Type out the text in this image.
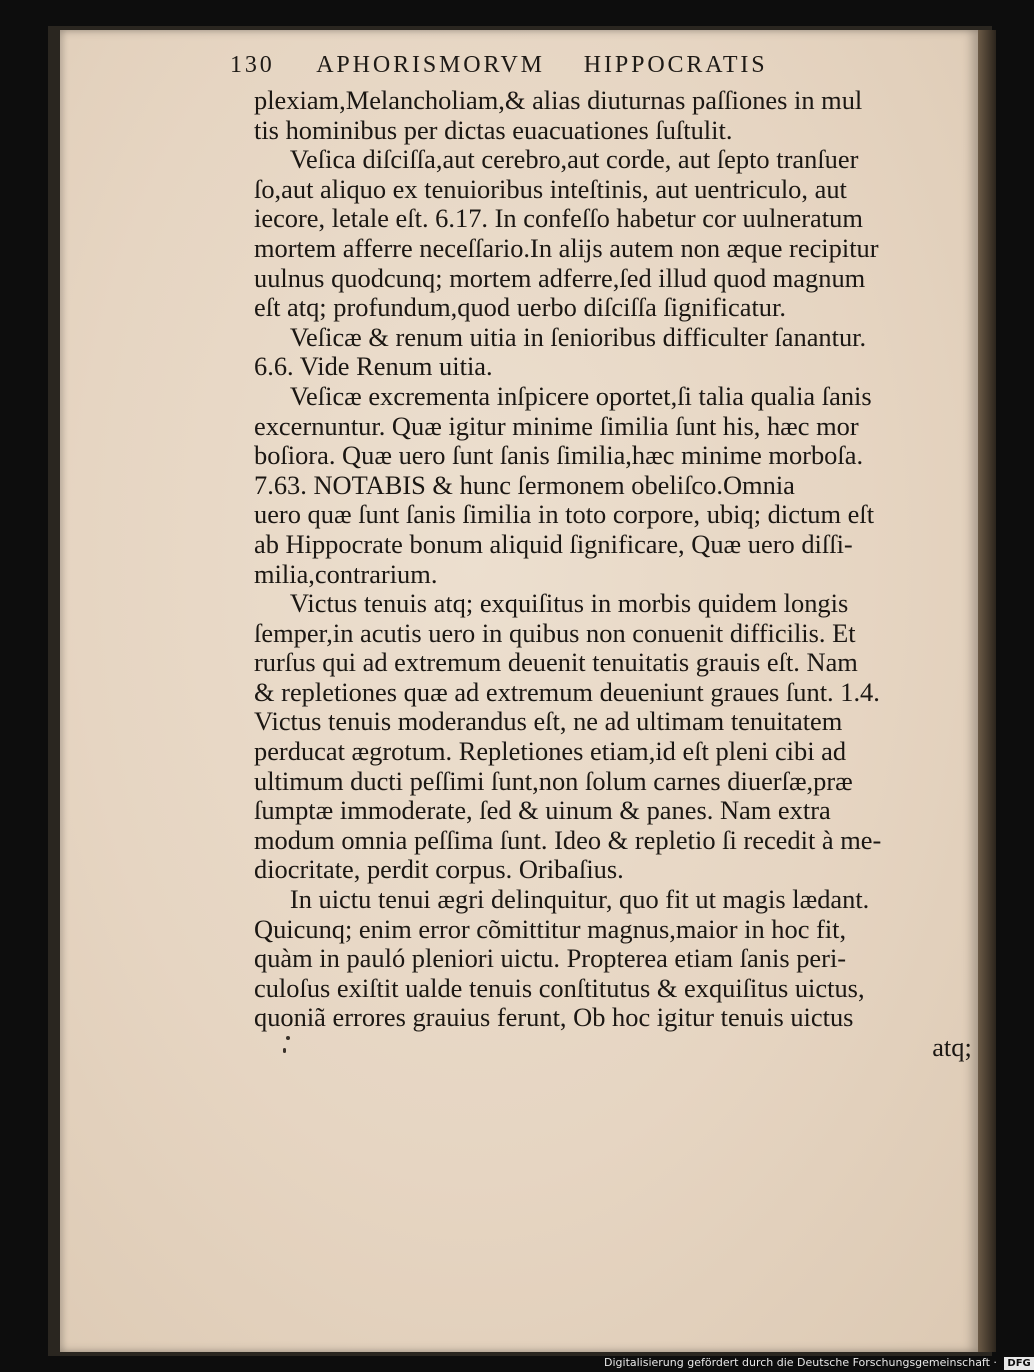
130 APHORISMORVM HIPPOCRATIS
plexiam,Melancholiam,& alias diuturnas paſſiones in mul
tis hominibus per dictas euacuationes ſuſtulit.
Veſica diſciſſa,aut cerebro,aut corde, aut ſepto tranſuer
ſo,aut aliquo ex tenuioribus inteſtinis, aut uentriculo, aut
iecore, letale eſt. 6.17. In confeſſo habetur cor uulneratum
mortem afferre neceſſario.In alijs autem non æque recipitur
uulnus quodcunq; mortem adferre,ſed illud quod magnum
eſt atq; profundum,quod uerbo diſciſſa ſignificatur.
Veſicæ & renum uitia in ſenioribus difficulter ſanantur.
6.6. Vide Renum uitia.
Veſicæ excrementa inſpicere oportet,ſi talia qualia ſanis
excernuntur. Quæ igitur minime ſimilia ſunt his, hæc mor
boſiora. Quæ uero ſunt ſanis ſimilia,hæc minime morboſa.
7.63. NOTABIS & hunc ſermonem obeliſco.Omnia
uero quæ ſunt ſanis ſimilia in toto corpore, ubiq; dictum eſt
ab Hippocrate bonum aliquid ſignificare, Quæ uero diſſi-
milia,contrarium.
Victus tenuis atq; exquiſitus in morbis quidem longis
ſemper,in acutis uero in quibus non conuenit difficilis. Et
rurſus qui ad extremum deuenit tenuitatis grauis eſt. Nam
& repletiones quæ ad extremum deueniunt graues ſunt. 1.4.
Victus tenuis moderandus eſt, ne ad ultimam tenuitatem
perducat ægrotum. Repletiones etiam,id eſt pleni cibi ad
ultimum ducti peſſimi ſunt,non ſolum carnes diuerſæ,præ
ſumptæ immoderate, ſed & uinum & panes. Nam extra
modum omnia peſſima ſunt. Ideo & repletio ſi recedit à me-
diocritate, perdit corpus. Oribaſius.
In uictu tenui ægri delinquitur, quo fit ut magis lædant.
Quicunq; enim error cõmittitur magnus,maior in hoc fit,
quàm in pauló pleniori uictu. Propterea etiam ſanis peri-
culoſus exiſtit ualde tenuis conſtitutus & exquiſitus uictus,
quoniã errores grauius ferunt, Ob hoc igitur tenuis uictus
atq;
Digitalisierung gefördert durch die Deutsche Forschungsgemeinschaft · DFG
